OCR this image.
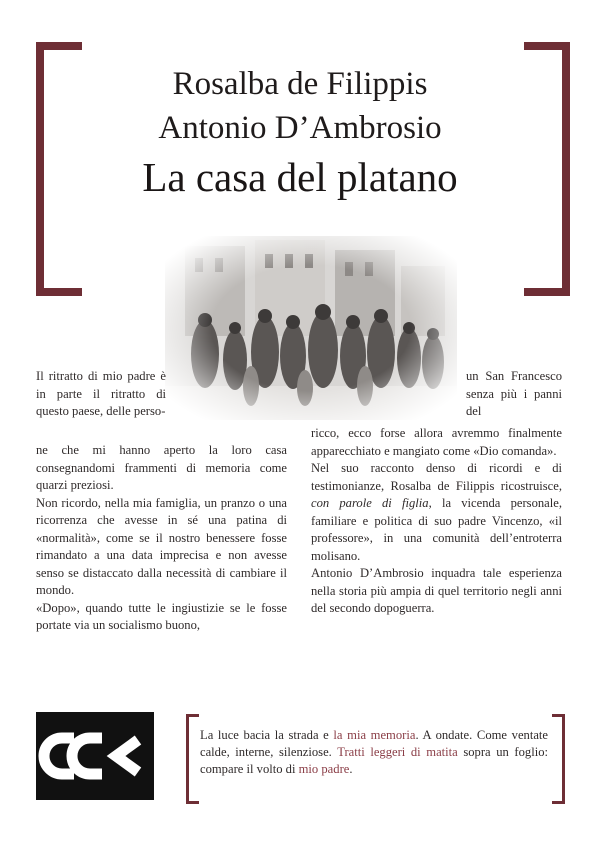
Rosalba de Filippis
Antonio D’Ambrosio
La casa del platano

Il ritratto di mio padre è in parte il ritratto di questo paese, delle perso-

ne che mi hanno aperto la loro casa consegnandomi frammenti di memoria come quarzi preziosi.

Non ricordo, nella mia famiglia, un pranzo o una ricorrenza che avesse in sé una patina di «normalità», come se il nostro benessere fosse rimandato a una data imprecisa e non avesse senso se distaccato dalla necessità di cambiare il mondo.

«Dopo», quando tutte le ingiustizie se le fosse portate via un socialismo buono,

un San Francesco senza più i panni del

ricco, ecco forse allora avremmo finalmente apparecchiato e mangiato come «Dio comanda».

Nel suo racconto denso di ricordi e di testimonianze, Rosalba de Filippis ricostruisce, con parole di figlia, la vicenda personale, familiare e politica di suo padre Vincenzo, «il professore», in una comunità dell’entroterra molisano.

Antonio D’Ambrosio inquadra tale esperienza nella storia più ampia di quel territorio negli anni del secondo dopoguerra.

La luce bacia la strada e la mia memoria. A ondate. Come ventate calde, interne, silenziose. Tratti leggeri di matita sopra un foglio: compare il volto di mio padre.
